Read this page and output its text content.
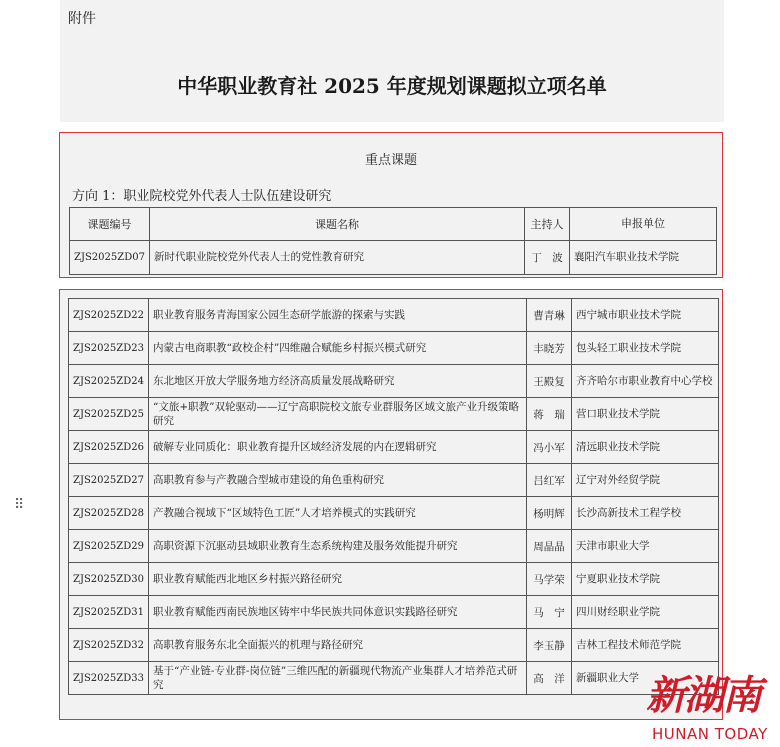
附件
中华职业教育社 2025 年度规划课题拟立项名单
重点课题
方向 1：职业院校党外代表人士队伍建设研究
课题编号	课题名称	主持人	申报单位
ZJS2025ZD07	新时代职业院校党外代表人士的党性教育研究	丁　波	襄阳汽车职业技术学院
ZJS2025ZD22	职业教育服务青海国家公园生态研学旅游的探索与实践	曹青琳	西宁城市职业技术学院
ZJS2025ZD23	内蒙古电商职教“政校企村”四维融合赋能乡村振兴模式研究	丰晓芳	包头轻工职业技术学院
ZJS2025ZD24	东北地区开放大学服务地方经济高质量发展战略研究	王殿复	齐齐哈尔市职业教育中心学校
ZJS2025ZD25	“文旅+职教”双轮驱动——辽宁高职院校文旅专业群服务区域文旅产业升级策略研究	蒋　瑞	营口职业技术学院
ZJS2025ZD26	破解专业同质化：职业教育提升区域经济发展的内在逻辑研究	冯小军	清远职业技术学院
ZJS2025ZD27	高职教育参与产教融合型城市建设的角色重构研究	吕红军	辽宁对外经贸学院
ZJS2025ZD28	产教融合视域下“区域特色工匠”人才培养模式的实践研究	杨明辉	长沙高新技术工程学校
ZJS2025ZD29	高职资源下沉驱动县域职业教育生态系统构建及服务效能提升研究	周晶晶	天津市职业大学
ZJS2025ZD30	职业教育赋能西北地区乡村振兴路径研究	马学荣	宁夏职业技术学院
ZJS2025ZD31	职业教育赋能西南民族地区铸牢中华民族共同体意识实践路径研究	马　宁	四川财经职业学院
ZJS2025ZD32	高职教育服务东北全面振兴的机理与路径研究	李玉静	吉林工程技术师范学院
ZJS2025ZD33	基于“产业链-专业群-岗位链”三维匹配的新疆现代物流产业集群人才培养范式研究	高　洋	新疆职业大学
⠿
新湖南
HUNAN TODAY
